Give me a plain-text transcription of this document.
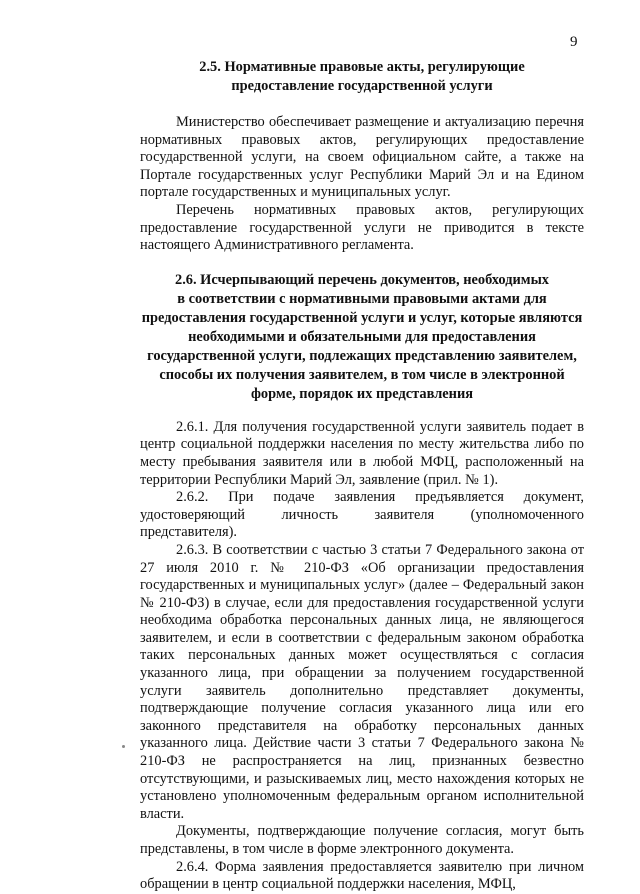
9

2.5. Нормативные правовые акты, регулирующие
предоставление государственной услуги

Министерство обеспечивает размещение и актуализацию перечня нормативных правовых актов, регулирующих предоставление государственной услуги, на своем официальном сайте, а также на Портале государственных услуг Республики Марий Эл и на Едином портале государственных и муниципальных услуг.

Перечень нормативных правовых актов, регулирующих предоставление государственной услуги не приводится в тексте настоящего Административного регламента.

2.6. Исчерпывающий перечень документов, необходимых
в соответствии с нормативными правовыми актами для
предоставления государственной услуги и услуг, которые являются
необходимыми и обязательными для предоставления
государственной услуги, подлежащих представлению заявителем,
способы их получения заявителем, в том числе в электронной
форме, порядок их представления

2.6.1. Для получения государственной услуги заявитель подает в центр социальной поддержки населения по месту жительства либо по месту пребывания заявителя или в любой МФЦ, расположенный на территории Республики Марий Эл, заявление (прил. № 1).

2.6.2. При подаче заявления предъявляется документ, удостоверяющий личность заявителя (уполномоченного представителя).

2.6.3. В соответствии с частью 3 статьи 7 Федерального закона от 27 июля 2010 г. № 210-ФЗ «Об организации предоставления государственных и муниципальных услуг» (далее – Федеральный закон № 210-ФЗ) в случае, если для предоставления государственной услуги необходима обработка персональных данных лица, не являющегося заявителем, и если в соответствии с федеральным законом обработка таких персональных данных может осуществляться с согласия указанного лица, при обращении за получением государственной услуги заявитель дополнительно представляет документы, подтверждающие получение согласия указанного лица или его законного представителя на обработку персональных данных указанного лица. Действие части 3 статьи 7 Федерального закона № 210-ФЗ не распространяется на лиц, признанных безвестно отсутствующими, и разыскиваемых лиц, место нахождения которых не установлено уполномоченным федеральным органом исполнительной власти.

Документы, подтверждающие получение согласия, могут быть представлены, в том числе в форме электронного документа.

2.6.4. Форма заявления предоставляется заявителю при личном обращении в центр социальной поддержки населения, МФЦ,
